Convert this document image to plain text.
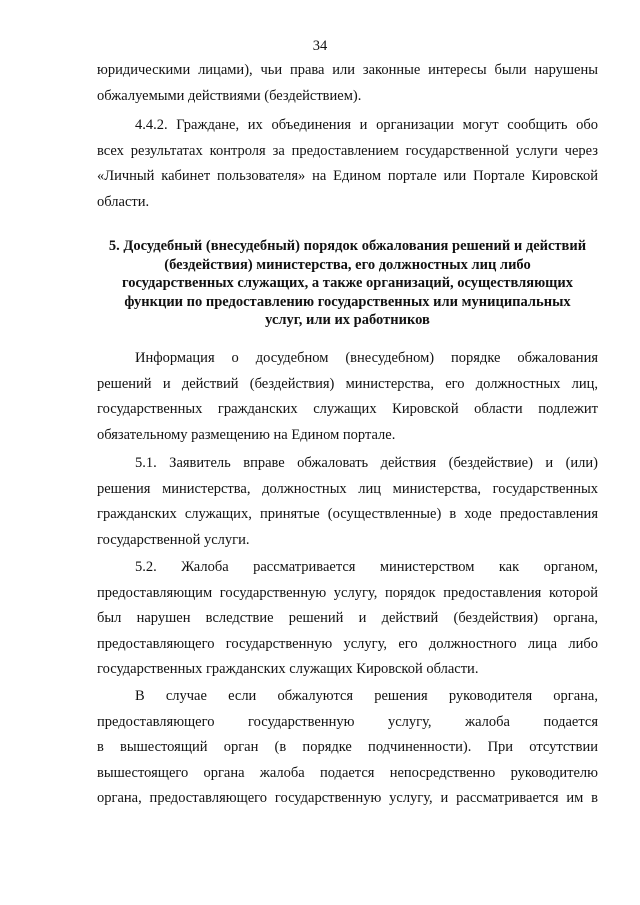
34
юридическими лицами), чьи права или законные интересы были нарушены
обжалуемыми действиями (бездействием).
4.4.2. Граждане, их объединения и организации могут сообщить обо
всех результатах контроля за предоставлением государственной услуги через
«Личный кабинет пользователя» на Едином портале или Портале Кировской
области.
5. Досудебный (внесудебный) порядок обжалования решений и действий
(бездействия) министерства, его должностных лиц либо
государственных служащих, а также организаций, осуществляющих
функции по предоставлению государственных или муниципальных
услуг, или их работников
Информация о досудебном (внесудебном) порядке обжалования
решений и действий (бездействия) министерства, его должностных лиц,
государственных гражданских служащих Кировской области подлежит
обязательному размещению на Едином портале.
5.1. Заявитель вправе обжаловать действия (бездействие) и (или)
решения министерства, должностных лиц министерства, государственных
гражданских служащих, принятые (осуществленные) в ходе предоставления
государственной услуги.
5.2. Жалоба рассматривается министерством как органом,
предоставляющим государственную услугу, порядок предоставления которой
был нарушен вследствие решений и действий (бездействия) органа,
предоставляющего государственную услугу, его должностного лица либо
государственных гражданских служащих Кировской области.
В случае если обжалуются решения руководителя органа,
предоставляющего государственную услугу, жалоба подается
в вышестоящий орган (в порядке подчиненности). При отсутствии
вышестоящего органа жалоба подается непосредственно руководителю
органа, предоставляющего государственную услугу, и рассматривается им в
